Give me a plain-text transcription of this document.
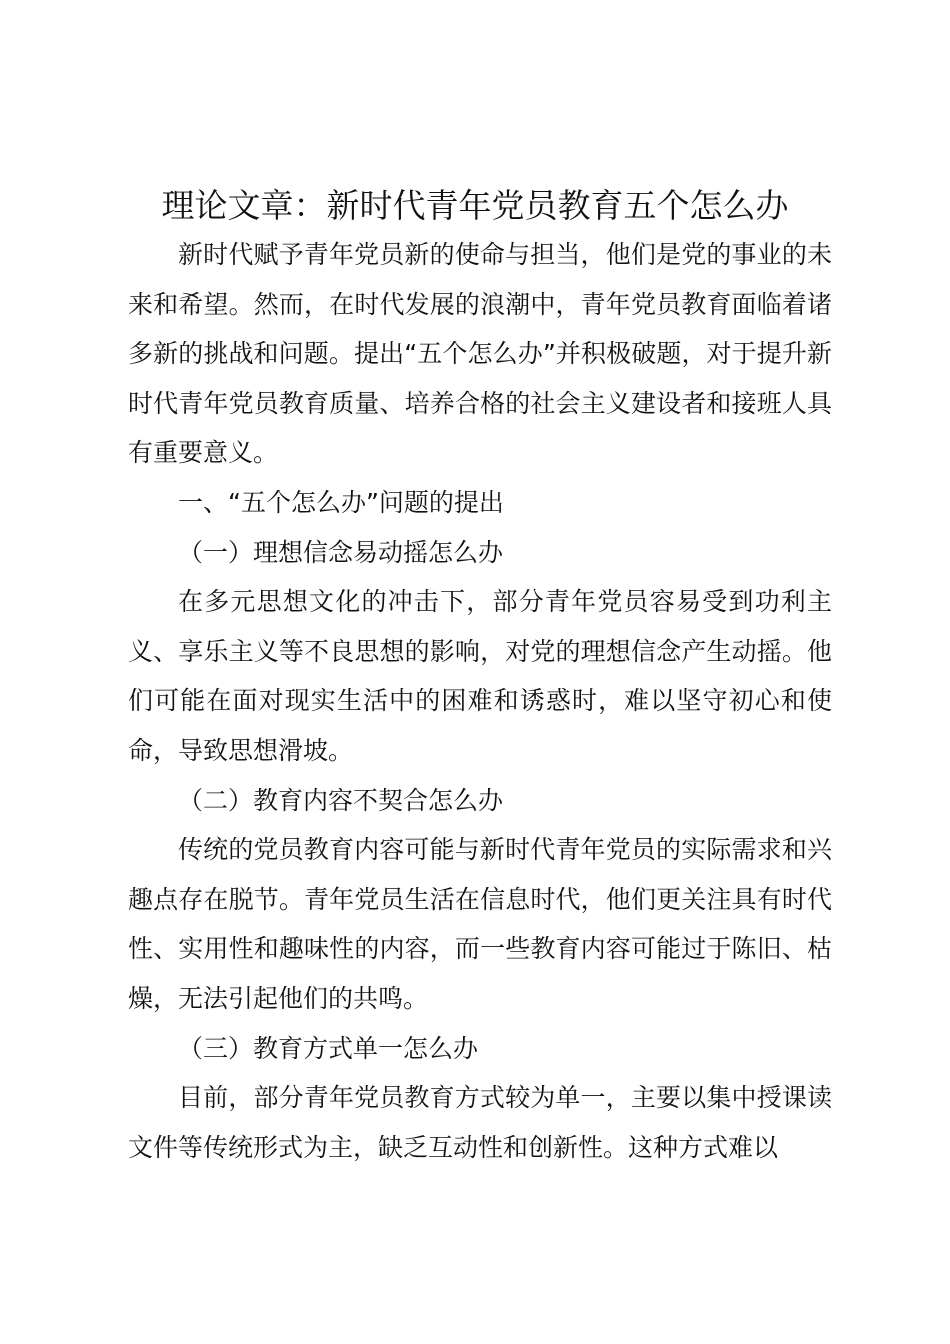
理论文章：新时代青年党员教育五个怎么办

新时代赋予青年党员新的使命与担当，他们是党的事业的未来和希望。然而，在时代发展的浪潮中，青年党员教育面临着诸多新的挑战和问题。提出“五个怎么办”并积极破题，对于提升新时代青年党员教育质量、培养合格的社会主义建设者和接班人具有重要意义。

一、“五个怎么办”问题的提出

（一）理想信念易动摇怎么办

在多元思想文化的冲击下，部分青年党员容易受到功利主义、享乐主义等不良思想的影响，对党的理想信念产生动摇。他们可能在面对现实生活中的困难和诱惑时，难以坚守初心和使命，导致思想滑坡。

（二）教育内容不契合怎么办

传统的党员教育内容可能与新时代青年党员的实际需求和兴趣点存在脱节。青年党员生活在信息时代，他们更关注具有时代性、实用性和趣味性的内容，而一些教育内容可能过于陈旧、枯燥，无法引起他们的共鸣。

（三）教育方式单一怎么办

目前，部分青年党员教育方式较为单一，主要以集中授课读文件等传统形式为主，缺乏互动性和创新性。这种方式难以
